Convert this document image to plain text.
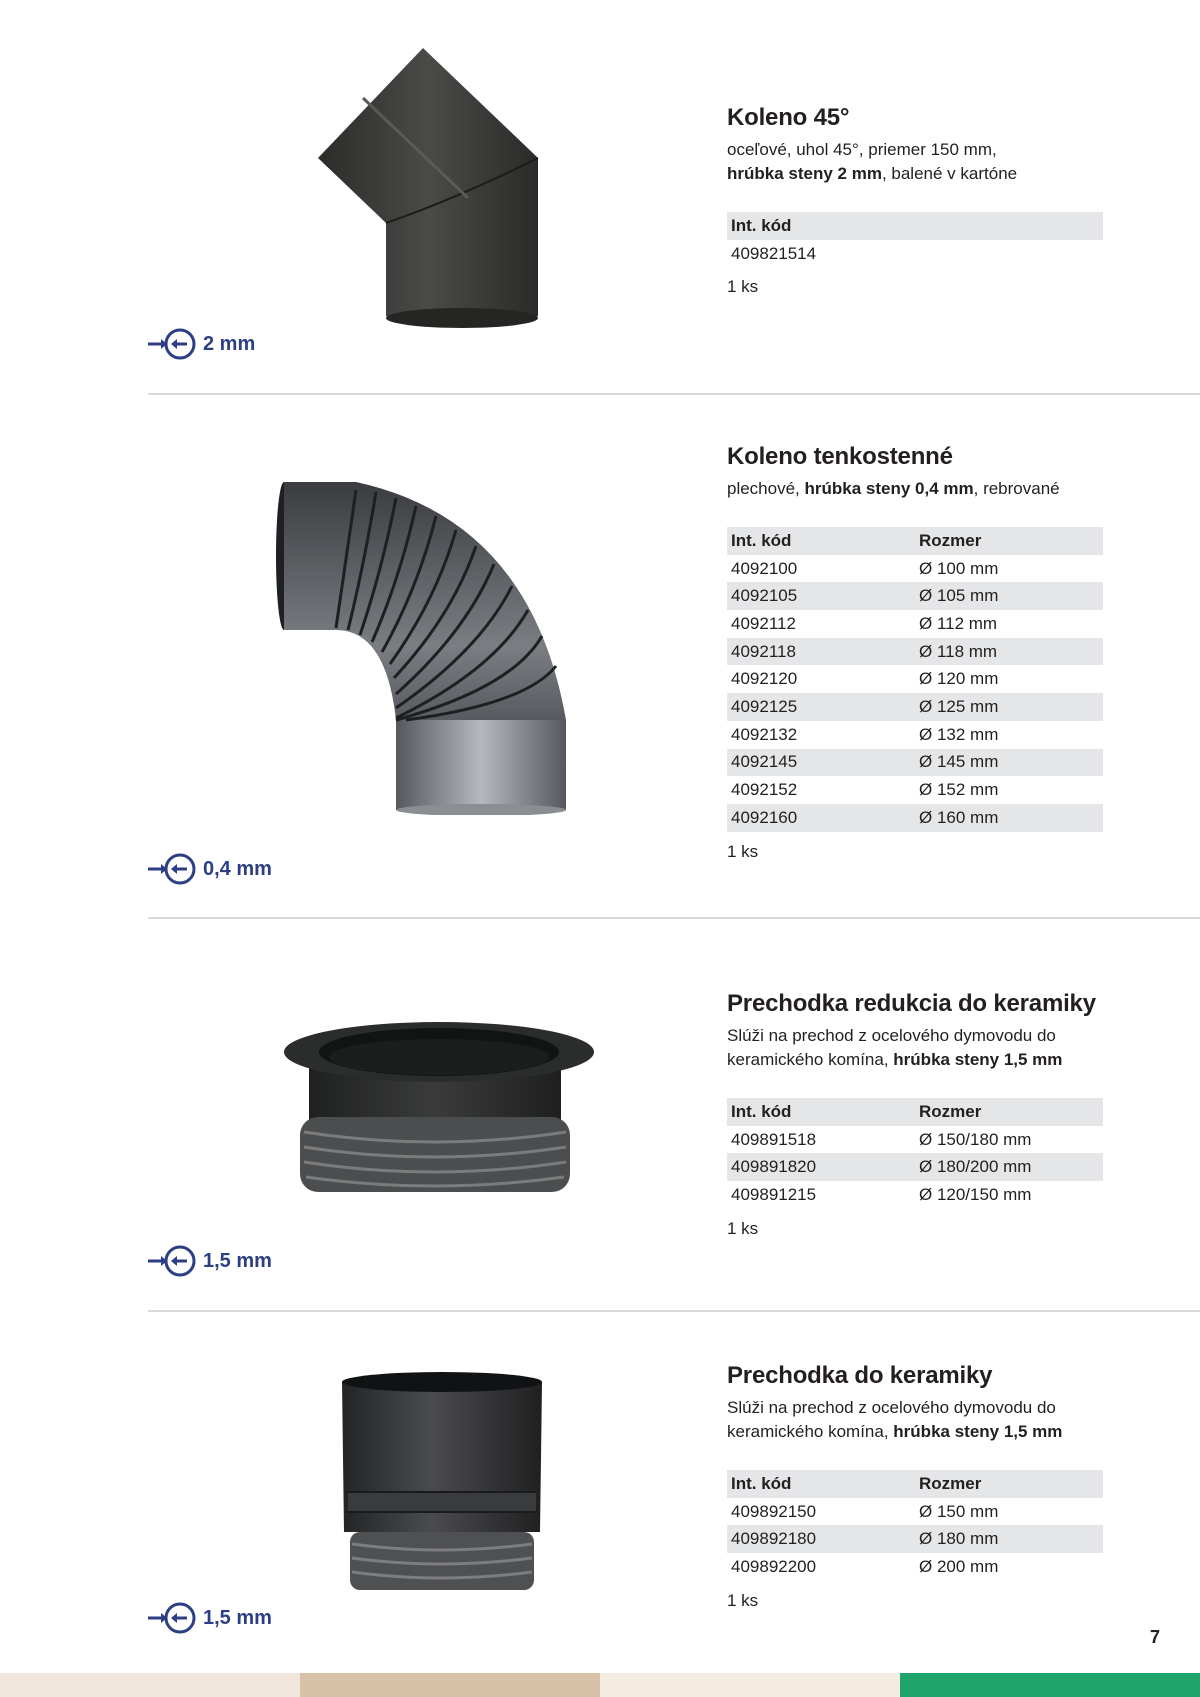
2 mm
Koleno 45°

oceľové, uhol 45°, priemer 150 mm,
hrúbka steny 2 mm, balené v kartóne

Int. kód
409821514
1 ks
0,4 mm
Koleno tenkostenné

plechové, hrúbka steny 0,4 mm, rebrované

Int. kód	Rozmer
4092100	Ø 100 mm
4092105	Ø 105 mm
4092112	Ø 112 mm
4092118	Ø 118 mm
4092120	Ø 120 mm
4092125	Ø 125 mm
4092132	Ø 132 mm
4092145	Ø 145 mm
4092152	Ø 152 mm
4092160	Ø 160 mm
1 ks
1,5 mm
Prechodka redukcia do keramiky

Slúži na prechod z ocelového dymovodu do keramického komína, hrúbka steny 1,5 mm

Int. kód	Rozmer
409891518	Ø 150/180 mm
409891820	Ø 180/200 mm
409891215	Ø 120/150 mm
1 ks
1,5 mm
Prechodka do keramiky

Slúži na prechod z ocelového dymovodu do keramického komína, hrúbka steny 1,5 mm

Int. kód	Rozmer
409892150	Ø 150 mm
409892180	Ø 180 mm
409892200	Ø 200 mm
1 ks
7
